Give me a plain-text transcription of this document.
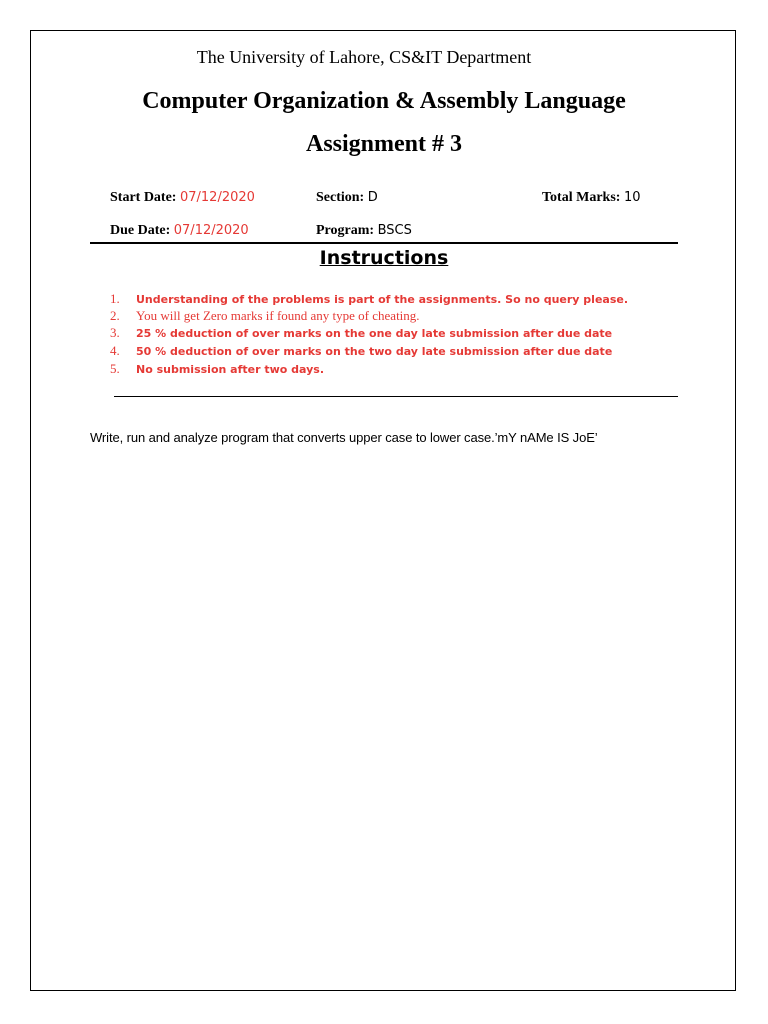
The University of Lahore, CS&IT Department
Computer Organization & Assembly Language
Assignment # 3
Start Date: 07/12/2020	Section: D	Total Marks: 10
Due Date: 07/12/2020	Program: BSCS
Instructions
1. Understanding of the problems is part of the assignments. So no query please.
2. You will get Zero marks if found any type of cheating.
3. 25 % deduction of over marks on the one day late submission after due date
4. 50 % deduction of over marks on the two day late submission after due date
5. No submission after two days.
Write, run and analyze program that converts upper case to lower case.’mY nAMe IS JoE’
